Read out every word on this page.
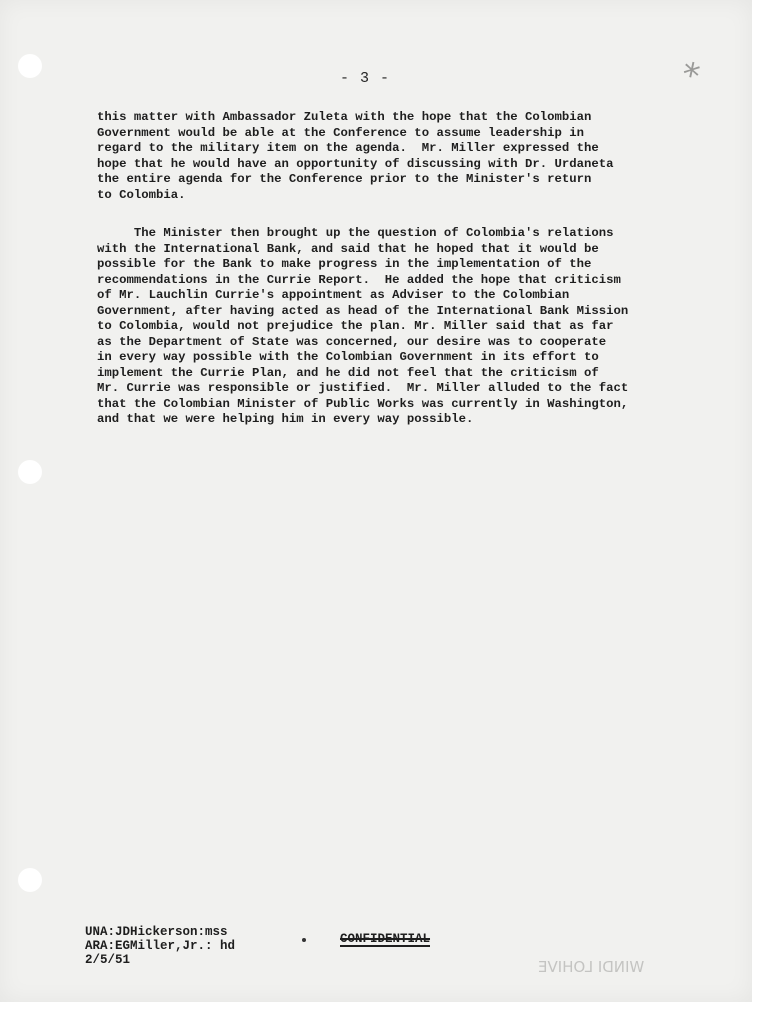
- 3 -	*

this matter with Ambassador Zuleta with the hope that the Colombian
Government would be able at the Conference to assume leadership in
regard to the military item on the agenda.  Mr. Miller expressed the
hope that he would have an opportunity of discussing with Dr. Urdaneta
the entire agenda for the Conference prior to the Minister's return
to Colombia.

The Minister then brought up the question of Colombia's relations
with the International Bank, and said that he hoped that it would be
possible for the Bank to make progress in the implementation of the
recommendations in the Currie Report.  He added the hope that criticism
of Mr. Lauchlin Currie's appointment as Adviser to the Colombian
Government, after having acted as head of the International Bank Mission
to Colombia, would not prejudice the plan. Mr. Miller said that as far
as the Department of State was concerned, our desire was to cooperate
in every way possible with the Colombian Government in its effort to
implement the Currie Plan, and he did not feel that the criticism of
Mr. Currie was responsible or justified.  Mr. Miller alluded to the fact
that the Colombian Minister of Public Works was currently in Washington,
and that we were helping him in every way possible.

UNA:JDHickerson:mss
ARA:EGMiller,Jr.: hd
2/5/51
CONFIDENTIAL
WINDI LOHIVE
